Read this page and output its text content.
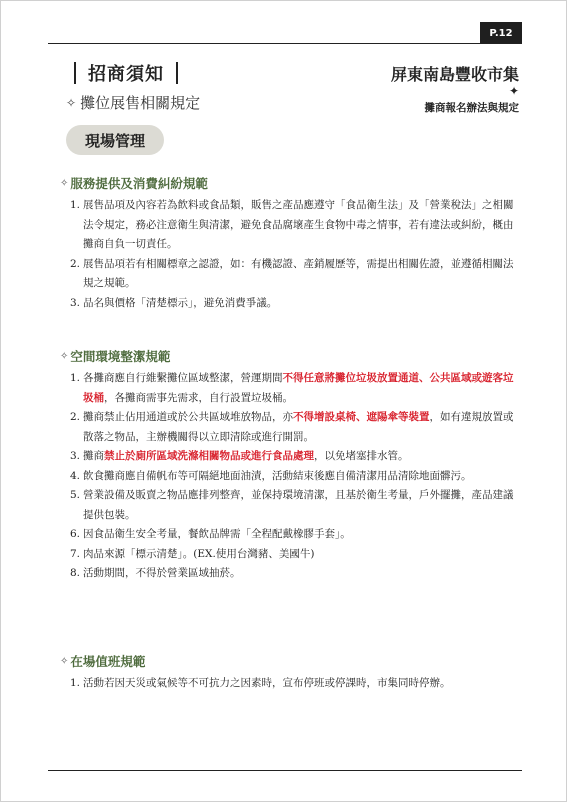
P.12
招商須知
✧ 攤位展售相關規定
屏東南島豐收市集
✦
攤商報名辦法與規定
現場管理
✧ 服務提供及消費糾紛規範
1. 展售品項及內容若為飲料或食品類，販售之產品應遵守「食品衛生法」及「營業稅法」之相關法令規定，務必注意衛生與清潔，避免食品腐壞產生食物中毒之情事，若有違法或糾紛，概由攤商自負一切責任。
2. 展售品項若有相關標章之認證，如：有機認證、產銷履歷等，需提出相關佐證，並遵循相關法規之規範。
3. 品名與價格「清楚標示」，避免消費爭議。
✧ 空間環境整潔規範
1. 各攤商應自行維繫攤位區域整潔，營運期間不得任意將攤位垃圾放置通道、公共區域或遊客垃圾桶，各攤商需事先需求，自行設置垃圾桶。
2. 攤商禁止佔用通道或於公共區域堆放物品，亦不得增設桌椅、遮陽傘等裝置，如有違規放置或散落之物品，主辦機關得以立即清除或進行開罰。
3. 攤商禁止於廁所區域洗滌相關物品或進行食品處理，以免堵塞排水管。
4. 飲食攤商應自備帆布等可隔絕地面油漬，活動結束後應自備清潔用品清除地面髒污。
5. 營業設備及販賣之物品應排列整齊，並保持環境清潔，且基於衛生考量，戶外擺攤，產品建議提供包裝。
6. 因食品衛生安全考量，餐飲品牌需「全程配戴橡膠手套」。
7. 肉品來源「標示清楚」。(EX.使用台灣豬、美國牛)
8. 活動期間，不得於營業區域抽菸。
✧ 在場值班規範
1. 活動若因天災或氣候等不可抗力之因素時，宣布停班或停課時，市集同時停辦。
